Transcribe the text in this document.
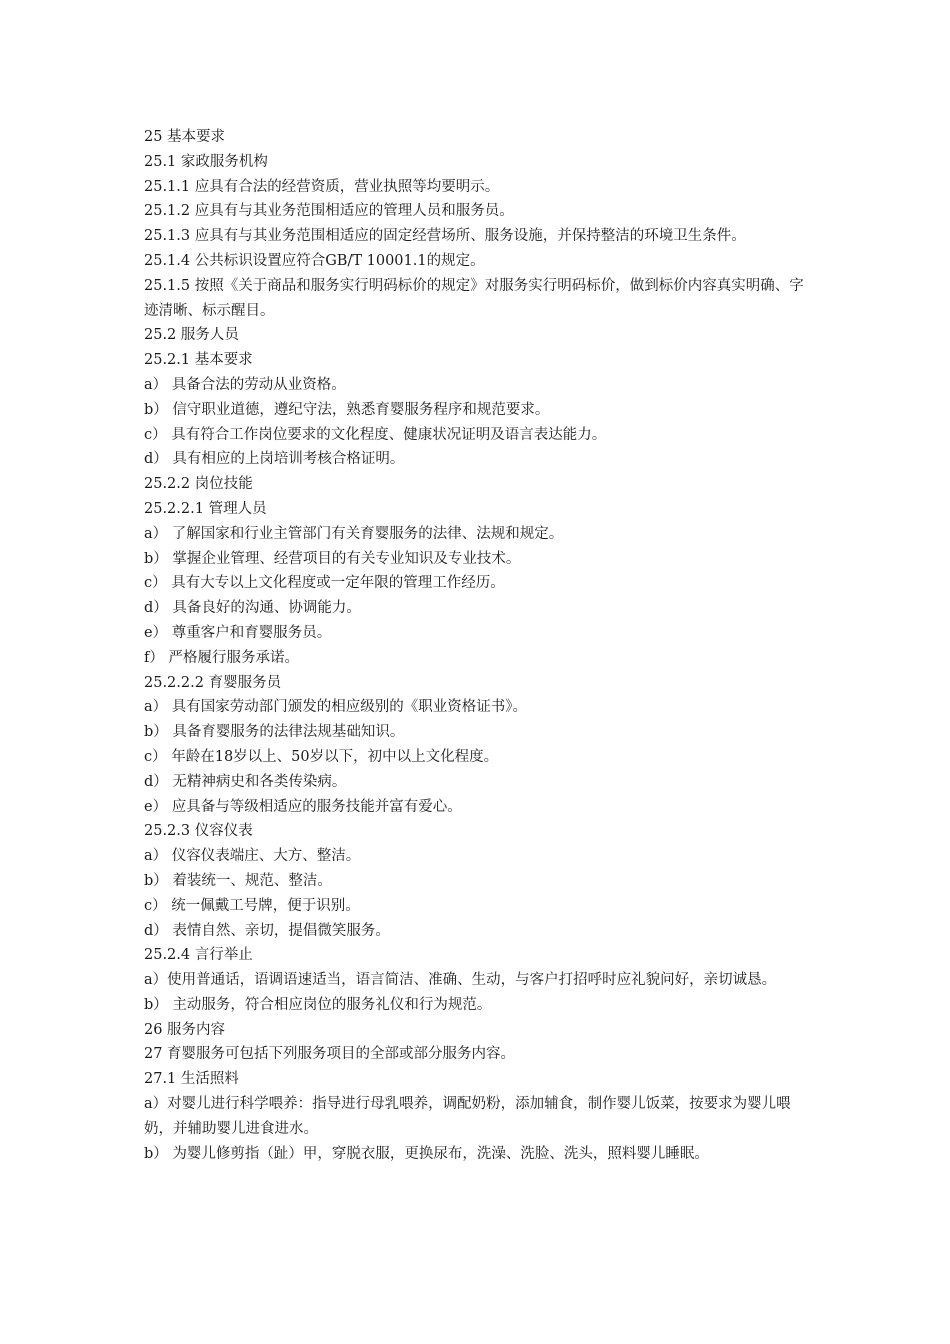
25 基本要求
25.1 家政服务机构
25.1.1 应具有合法的经营资质，营业执照等均要明示。
25.1.2 应具有与其业务范围相适应的管理人员和服务员。
25.1.3 应具有与其业务范围相适应的固定经营场所、服务设施，并保持整洁的环境卫生条件。
25.1.4 公共标识设置应符合GB/T 10001.1的规定。
25.1.5 按照《关于商品和服务实行明码标价的规定》对服务实行明码标价，做到标价内容真实明确、字迹清晰、标示醒目。
25.2 服务人员
25.2.1 基本要求
a） 具备合法的劳动从业资格。
b） 信守职业道德，遵纪守法，熟悉育婴服务程序和规范要求。
c） 具有符合工作岗位要求的文化程度、健康状况证明及语言表达能力。
d） 具有相应的上岗培训考核合格证明。
25.2.2 岗位技能
25.2.2.1 管理人员
a） 了解国家和行业主管部门有关育婴服务的法律、法规和规定。
b） 掌握企业管理、经营项目的有关专业知识及专业技术。
c） 具有大专以上文化程度或一定年限的管理工作经历。
d） 具备良好的沟通、协调能力。
e） 尊重客户和育婴服务员。
f） 严格履行服务承诺。
25.2.2.2 育婴服务员
a） 具有国家劳动部门颁发的相应级别的《职业资格证书》。
b） 具备育婴服务的法律法规基础知识。
c） 年龄在18岁以上、50岁以下，初中以上文化程度。
d） 无精神病史和各类传染病。
e） 应具备与等级相适应的服务技能并富有爱心。
25.2.3 仪容仪表
a） 仪容仪表端庄、大方、整洁。
b） 着装统一、规范、整洁。
c） 统一佩戴工号牌，便于识别。
d） 表情自然、亲切，提倡微笑服务。
25.2.4 言行举止
a）使用普通话，语调语速适当，语言简洁、准确、生动，与客户打招呼时应礼貌问好，亲切诚恳。
b） 主动服务，符合相应岗位的服务礼仪和行为规范。
26 服务内容
27 育婴服务可包括下列服务项目的全部或部分服务内容。
27.1 生活照料
a）对婴儿进行科学喂养：指导进行母乳喂养，调配奶粉，添加辅食，制作婴儿饭菜，按要求为婴儿喂奶，并辅助婴儿进食进水。
b） 为婴儿修剪指（趾）甲，穿脱衣服，更换尿布，洗澡、洗脸、洗头，照料婴儿睡眠。
